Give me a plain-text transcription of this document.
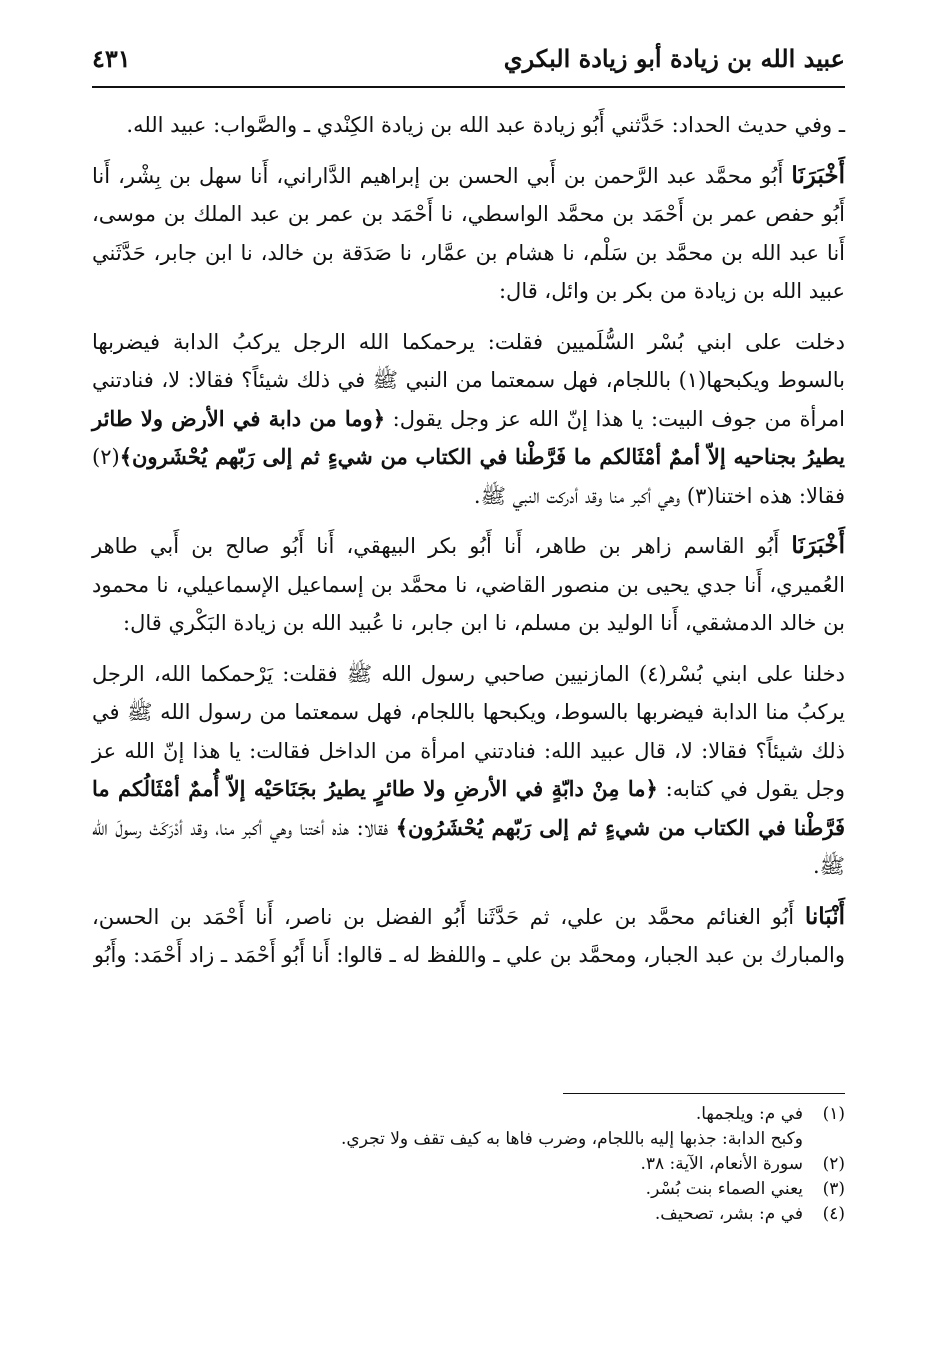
عبيد الله بن زيادة أبو زيادة البكري
٤٣١

ـ وفي حديث الحداد: حَدَّثني أَبُو زيادة عبد الله بن زيادة الكِنْدي ـ والصَّواب: عبيد الله.

أَخْبَرَنَا أَبُو محمَّد عبد الرَّحمن بن أَبي الحسن بن إبراهيم الدَّاراني، أَنا سهل بن بِشْر، أَنا أَبُو حفص عمر بن أَحْمَد بن محمَّد الواسطي، نا أَحْمَد بن عمر بن عبد الملك بن موسى، أَنا عبد الله بن محمَّد بن سَلْم، نا هشام بن عمَّار، نا صَدَقة بن خالد، نا ابن جابر، حَدَّثَني عبيد الله بن زيادة من بكر بن وائل، قال:

دخلت على ابني بُسْر السُّلَميين فقلت: يرحمكما الله الرجل يركبُ الدابة فيضربها بالسوط ويكبحها(١) باللجام، فهل سمعتما من النبي ﷺ في ذلك شيئاً؟ فقالا: لا، فنادتني امرأة من جوف البيت: يا هذا إنّ الله عز وجل يقول: ﴿وما من دابة في الأرض ولا طائر يطيرُ بجناحيه إلاّ أممٌ أمْثَالكم ما فَرَّطْنا في الكتاب من شيءٍ ثم إلى رَبّهم يُحْشَرون﴾(٢) فقالا: هذه اختنا(٣) وهي أكبر منا وقد أدركت النبي ﷺ.

أَخْبَرَنَا أَبُو القاسم زاهر بن طاهر، أَنا أَبُو بكر البيهقي، أَنا أَبُو صالح بن أَبي طاهر العُميري، أَنا جدي يحيى بن منصور القاضي، نا محمَّد بن إسماعيل الإسماعيلي، نا محمود بن خالد الدمشقي، أَنا الوليد بن مسلم، نا ابن جابر، نا عُبيد الله بن زيادة البَكْري قال:

دخلنا على ابني بُسْر(٤) المازنيين صاحبي رسول الله ﷺ فقلت: يَرْحمكما الله، الرجل يركبُ منا الدابة فيضربها بالسوط، ويكبحها باللجام، فهل سمعتما من رسول الله ﷺ في ذلك شيئاً؟ فقالا: لا، قال عبيد الله: فنادتني امرأة من الداخل فقالت: يا هذا إنّ الله عز وجل يقول في كتابه: ﴿ما مِنْ دابّةٍ في الأرضِ ولا طائرٍ يطيرُ بجَنَاحَيْه إلاّ أُممٌ أمْثَالُكم ما فَرَّطْنا في الكتاب من شيءٍ ثم إلى رَبّهم يُحْشَرُون﴾ فقالا: هذه أختنا وهي أكبر منا، وقد أدْرَكَتْ رسولَ الله ﷺ.

أَنْبَانا أَبُو الغنائم محمَّد بن علي، ثم حَدَّثَنا أَبُو الفضل بن ناصر، أَنا أَحْمَد بن الحسن، والمبارك بن عبد الجبار، ومحمَّد بن علي ـ واللفظ له ـ قالوا: أَنا أَبُو أَحْمَد ـ زاد أَحْمَد: وأَبُو

(١)
في م: ويلجمها.
وكبح الدابة: جذبها إليه باللجام، وضرب فاها به كيف تقف ولا تجري.
(٢)
سورة الأنعام، الآية: ٣٨.
(٣)
يعني الصماء بنت بُسْر.
(٤)
في م: بشر، تصحيف.
